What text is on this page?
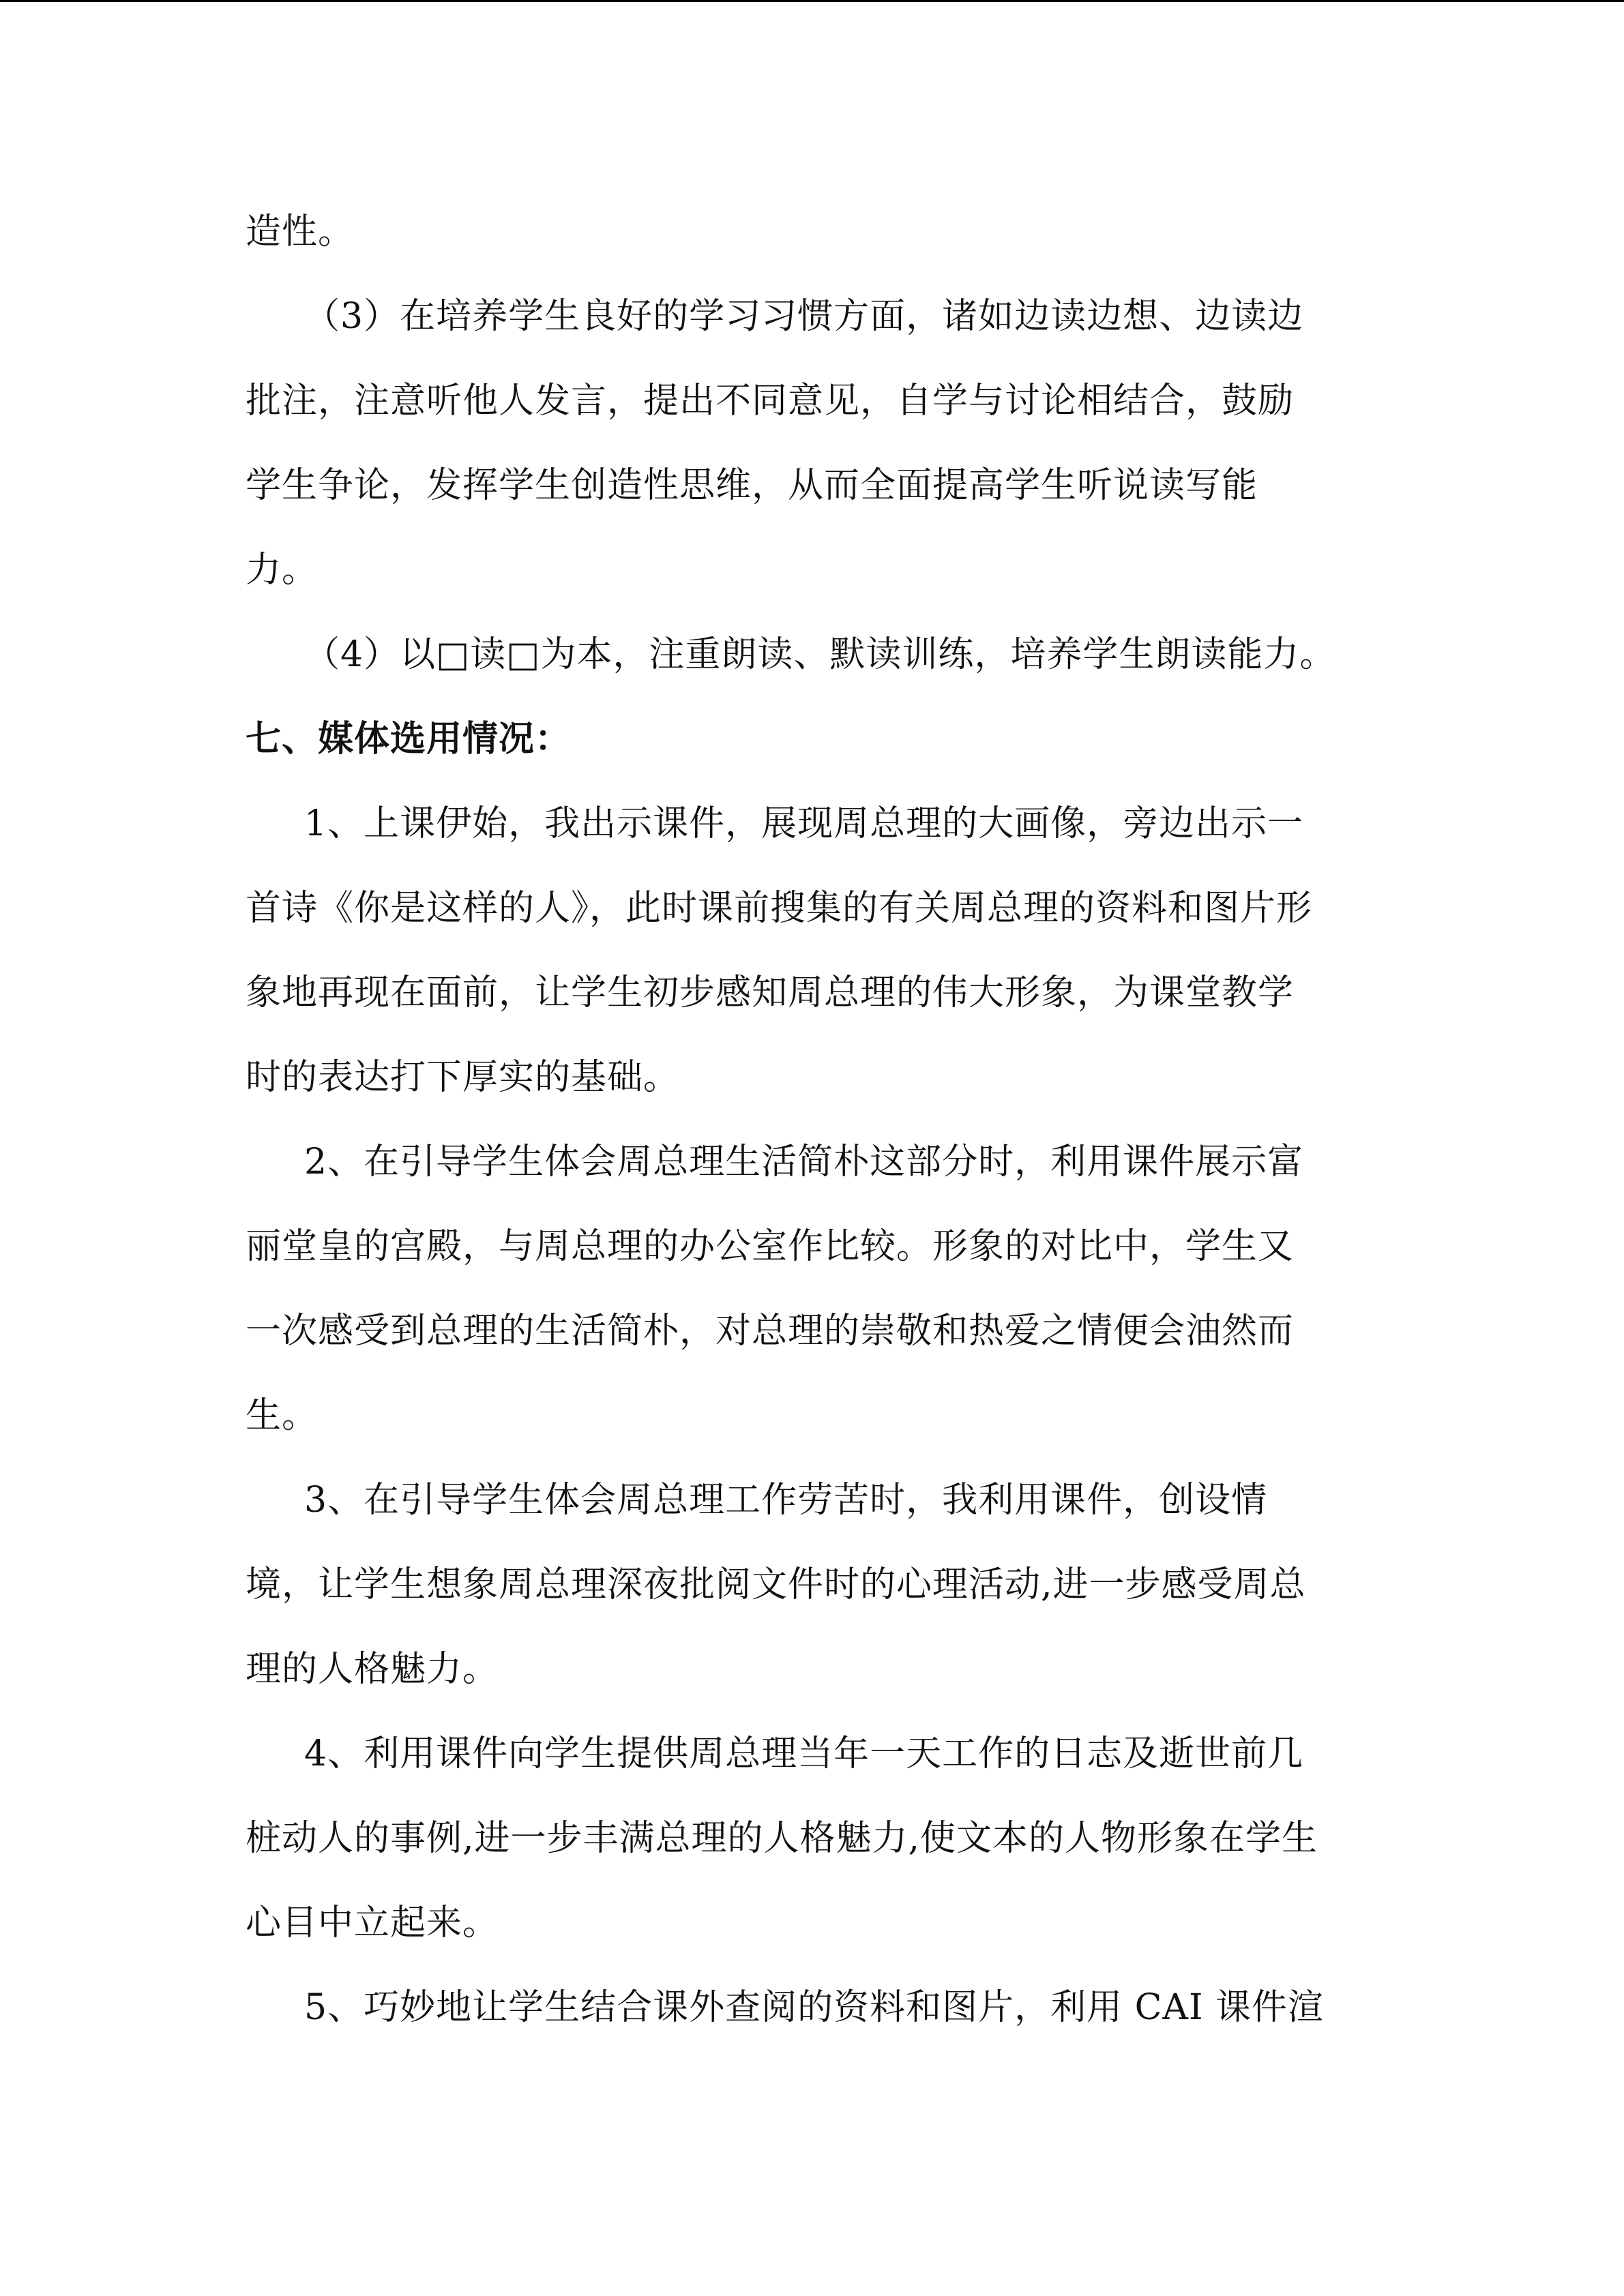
造性。
（3）在培养学生良好的学习习惯方面，诸如边读边想、边读边
批注，注意听他人发言，提出不同意见，自学与讨论相结合，鼓励
学生争论，发挥学生创造性思维，从而全面提高学生听说读写能
力。
（4）以□读□为本，注重朗读、默读训练，培养学生朗读能力。
七、媒体选用情况：
1、上课伊始，我出示课件，展现周总理的大画像，旁边出示一
首诗《你是这样的人》，此时课前搜集的有关周总理的资料和图片形
象地再现在面前，让学生初步感知周总理的伟大形象，为课堂教学
时的表达打下厚实的基础。
2、在引导学生体会周总理生活简朴这部分时，利用课件展示富
丽堂皇的宫殿，与周总理的办公室作比较。形象的对比中，学生又
一次感受到总理的生活简朴，对总理的崇敬和热爱之情便会油然而
生。
3、在引导学生体会周总理工作劳苦时，我利用课件，创设情
境，让学生想象周总理深夜批阅文件时的心理活动,进一步感受周总
理的人格魅力。
4、利用课件向学生提供周总理当年一天工作的日志及逝世前几
桩动人的事例,进一步丰满总理的人格魅力,使文本的人物形象在学生
心目中立起来。
5、巧妙地让学生结合课外查阅的资料和图片，利用 CAI 课件渲
